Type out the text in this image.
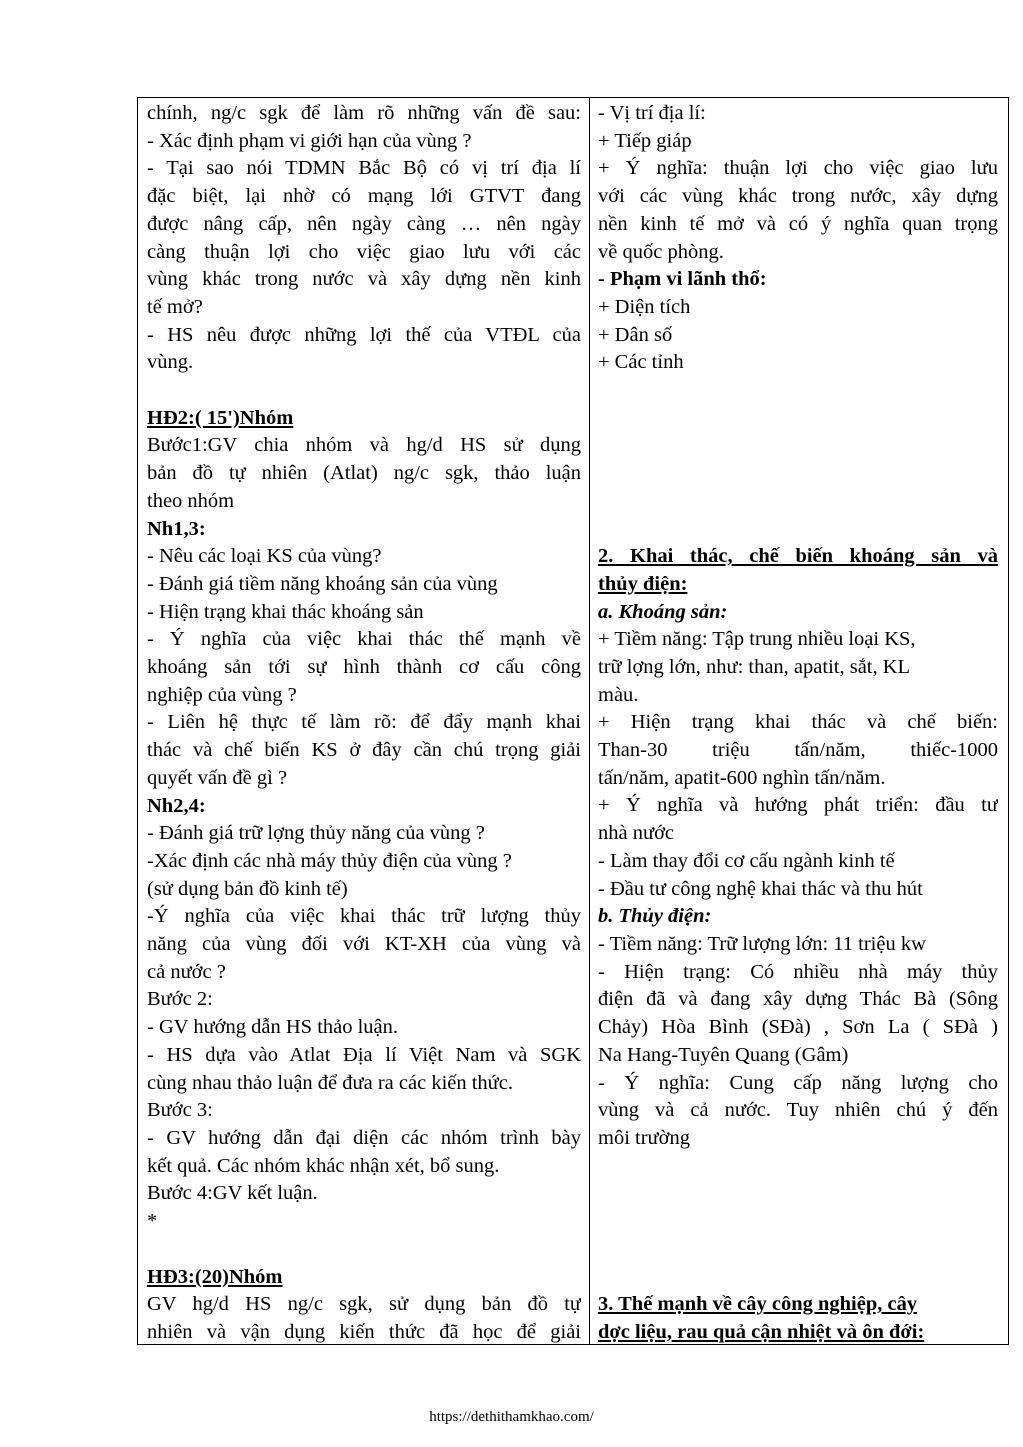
chính, ng/c sgk để làm rõ những vấn đề sau:
- Xác định phạm vi giới hạn của vùng ?
- Tại sao nói TDMN Bắc Bộ có vị trí địa lí
đặc biệt, lại nhờ có mạng lới GTVT đang
được nâng cấp, nên ngày càng … nên ngày
càng thuận lợi cho việc giao lưu với các
vùng khác trong nước và xây dựng nền kinh
tế mở?
- HS nêu được những lợi thế của VTĐL của
vùng.
HĐ2:( 15')Nhóm
Bước1:GV chia nhóm và hg/d HS sử dụng
bản đồ tự nhiên (Atlat) ng/c sgk, thảo luận
theo nhóm
Nh1,3:
- Nêu các loại KS của vùng?
- Đánh giá tiềm năng khoáng sản của vùng
- Hiện trạng khai thác khoáng sản
- Ý nghĩa của việc khai thác thế mạnh về
khoáng sản tới sự hình thành cơ cấu công
nghiệp của vùng ?
- Liên hệ thực tế làm rõ: để đẩy mạnh khai
thác và chế biến KS ở đây cần chú trọng giải
quyết vấn đề gì ?
Nh2,4:
- Đánh giá trữ lợng thủy năng của vùng ?
-Xác định các nhà máy thủy điện của vùng ?
(sử dụng bản đồ kinh tế)
-Ý nghĩa của việc khai thác trữ lượng thủy
năng của vùng đối với KT-XH của vùng và
cả nước ?
Bước 2:
- GV hướng dẫn HS thảo luận.
- HS dựa vào Atlat Địa lí Việt Nam và SGK
cùng nhau thảo luận để đưa ra các kiến thức.
Bước 3:
- GV hướng dẫn đại diện các nhóm trình bày
kết quả. Các nhóm khác nhận xét, bổ sung.
Bước 4:GV kết luận.
*
HĐ3:(20)Nhóm
GV hg/d HS ng/c sgk, sử dụng bản đồ tự
nhiên và vận dụng kiến thức đã học để giải
- Vị trí địa lí:
+ Tiếp giáp
+ Ý nghĩa: thuận lợi cho việc giao lưu
với các vùng khác trong nước, xây dựng
nền kinh tế mở và có ý nghĩa quan trọng
về quốc phòng.
- Phạm vi lãnh thổ:
+ Diện tích
+ Dân số
+ Các tỉnh
2. Khai thác, chế biến khoáng sản và
thủy điện:
a. Khoáng sản:
+ Tiềm năng: Tập trung nhiều loại KS,
trữ lợng lớn, như: than, apatit, sắt, KL
màu.
+ Hiện trạng khai thác và chế biến:
Than-30 triệu tấn/năm, thiếc-1000
tấn/năm, apatit-600 nghìn tấn/năm.
+ Ý nghĩa và hướng phát triển: đầu tư
nhà nước
- Làm thay đổi cơ cấu ngành kinh tế
- Đầu tư công nghệ khai thác và thu hút
b. Thủy điện:
- Tiềm năng: Trữ lượng lớn: 11 triệu kw
- Hiện trạng: Có nhiều nhà máy thủy
điện đã và đang xây dựng Thác Bà (Sông
Chảy) Hòa Bình (SĐà) , Sơn La ( SĐà )
Na Hang-Tuyên Quang (Gâm)
- Ý nghĩa: Cung cấp năng lượng cho
vùng và cả nước. Tuy nhiên chú ý đến
môi trường
3. Thế mạnh về cây công nghiệp, cây
dợc liệu, rau quả cận nhiệt và ôn đới:
https://dethithamkhao.com/
